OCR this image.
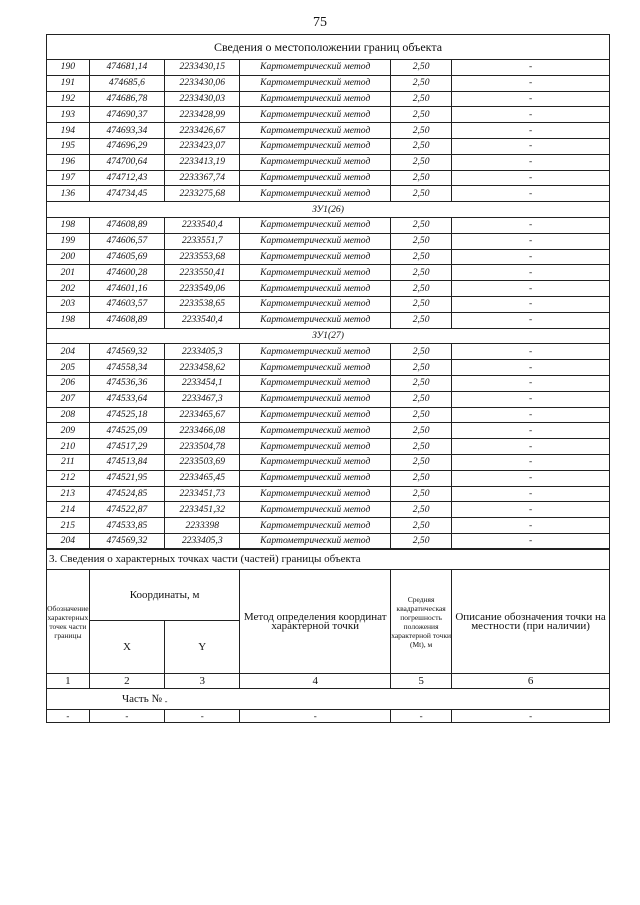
75
Сведения о местоположении границ объекта					
190	474681,14	2233430,15	Картометрический метод	2,50	-
191	474685,6	2233430,06	Картометрический метод	2,50	-
192	474686,78	2233430,03	Картометрический метод	2,50	-
193	474690,37	2233428,99	Картометрический метод	2,50	-
194	474693,34	2233426,67	Картометрический метод	2,50	-
195	474696,29	2233423,07	Картометрический метод	2,50	-
196	474700,64	2233413,19	Картометрический метод	2,50	-
197	474712,43	2233367,74	Картометрический метод	2,50	-
136	474734,45	2233275,68	Картометрический метод	2,50	-
ЗУ1(26)					
198	474608,89	2233540,4	Картометрический метод	2,50	-
199	474606,57	2233551,7	Картометрический метод	2,50	-
200	474605,69	2233553,68	Картометрический метод	2,50	-
201	474600,28	2233550,41	Картометрический метод	2,50	-
202	474601,16	2233549,06	Картометрический метод	2,50	-
203	474603,57	2233538,65	Картометрический метод	2,50	-
198	474608,89	2233540,4	Картометрический метод	2,50	-
ЗУ1(27)					
204	474569,32	2233405,3	Картометрический метод	2,50	-
205	474558,34	2233458,62	Картометрический метод	2,50	-
206	474536,36	2233454,1	Картометрический метод	2,50	-
207	474533,64	2233467,3	Картометрический метод	2,50	-
208	474525,18	2233465,67	Картометрический метод	2,50	-
209	474525,09	2233466,08	Картометрический метод	2,50	-
210	474517,29	2233504,78	Картометрический метод	2,50	-
211	474513,84	2233503,69	Картометрический метод	2,50	-
212	474521,95	2233465,45	Картометрический метод	2,50	-
213	474524,85	2233451,73	Картометрический метод	2,50	-
214	474522,87	2233451,32	Картометрический метод	2,50	-
215	474533,85	2233398	Картометрический метод	2,50	-
204	474569,32	2233405,3	Картометрический метод	2,50	-
3. Сведения о характерных точках части (частей) границы объекта					
Обозначение характерных точек части границы	Координаты, м		Метод определения координат характерной точки	Средняя квадратическая погрешность положения характерной точки (Мt), м	Описание обозначения точки на местности (при наличии)
	X	Y			
1	2	3	4	5	6
Часть № -					
-	-	-	-	-	-
